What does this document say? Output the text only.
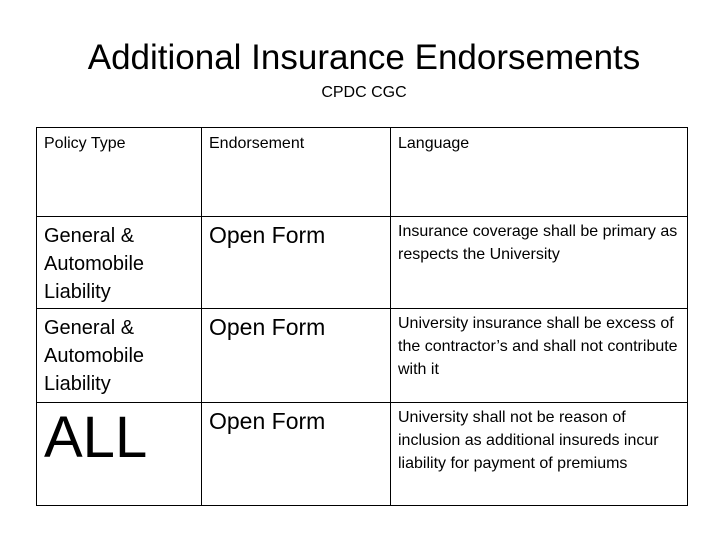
Additional Insurance Endorsements
CPDC CGC
Policy Type	Endorsement	Language
General & Automobile Liability	Open Form	Insurance coverage shall be primary as respects the University

General & Automobile Liability	Open Form	University insurance shall be excess of the contractor’s and shall not contribute with it

ALL	Open Form	University shall not be reason of inclusion as additional insureds incur liability for payment of premiums
